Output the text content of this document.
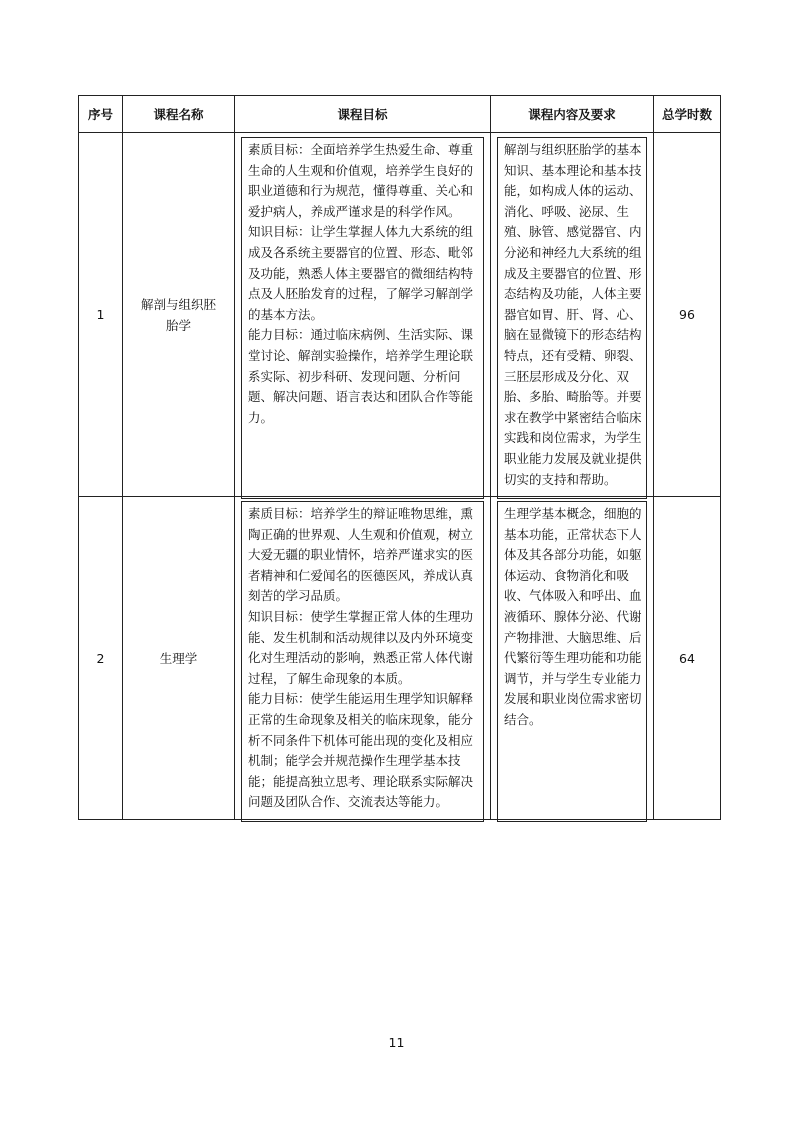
序号	课程名称	课程目标	课程内容及要求	总学时数
1	解剖与组织胚胎学	素质目标：全面培养学生热爱生命、尊重生命的人生观和价值观，培养学生良好的职业道德和行为规范，懂得尊重、关心和爱护病人，养成严谨求是的科学作风。
知识目标：让学生掌握人体九大系统的组成及各系统主要器官的位置、形态、毗邻及功能，熟悉人体主要器官的微细结构特点及人胚胎发育的过程，了解学习解剖学的基本方法。
能力目标：通过临床病例、生活实际、课堂讨论、解剖实验操作，培养学生理论联系实际、初步科研、发现问题、分析问题、解决问题、语言表达和团队合作等能力。	解剖与组织胚胎学的基本知识、基本理论和基本技能，如构成人体的运动、消化、呼吸、泌尿、生殖、脉管、感觉器官、内分泌和神经九大系统的组成及主要器官的位置、形态结构及功能，人体主要器官如胃、肝、肾、心、脑在显微镜下的形态结构特点，还有受精、卵裂、三胚层形成及分化、双胎、多胎、畸胎等。并要求在教学中紧密结合临床实践和岗位需求，为学生职业能力发展及就业提供切实的支持和帮助。	96
2	生理学	素质目标：培养学生的辩证唯物思维，熏陶正确的世界观、人生观和价值观，树立大爱无疆的职业情怀，培养严谨求实的医者精神和仁爱闻名的医德医风，养成认真刻苦的学习品质。
知识目标：使学生掌握正常人体的生理功能、发生机制和活动规律以及内外环境变化对生理活动的影响，熟悉正常人体代谢过程，了解生命现象的本质。
能力目标：使学生能运用生理学知识解释正常的生命现象及相关的临床现象，能分析不同条件下机体可能出现的变化及相应机制；能学会并规范操作生理学基本技能；能提高独立思考、理论联系实际解决问题及团队合作、交流表达等能力。	生理学基本概念，细胞的基本功能，正常状态下人体及其各部分功能，如躯体运动、食物消化和吸收、气体吸入和呼出、血液循环、腺体分泌、代谢产物排泄、大脑思维、后代繁衍等生理功能和功能调节，并与学生专业能力发展和职业岗位需求密切结合。	64
11
